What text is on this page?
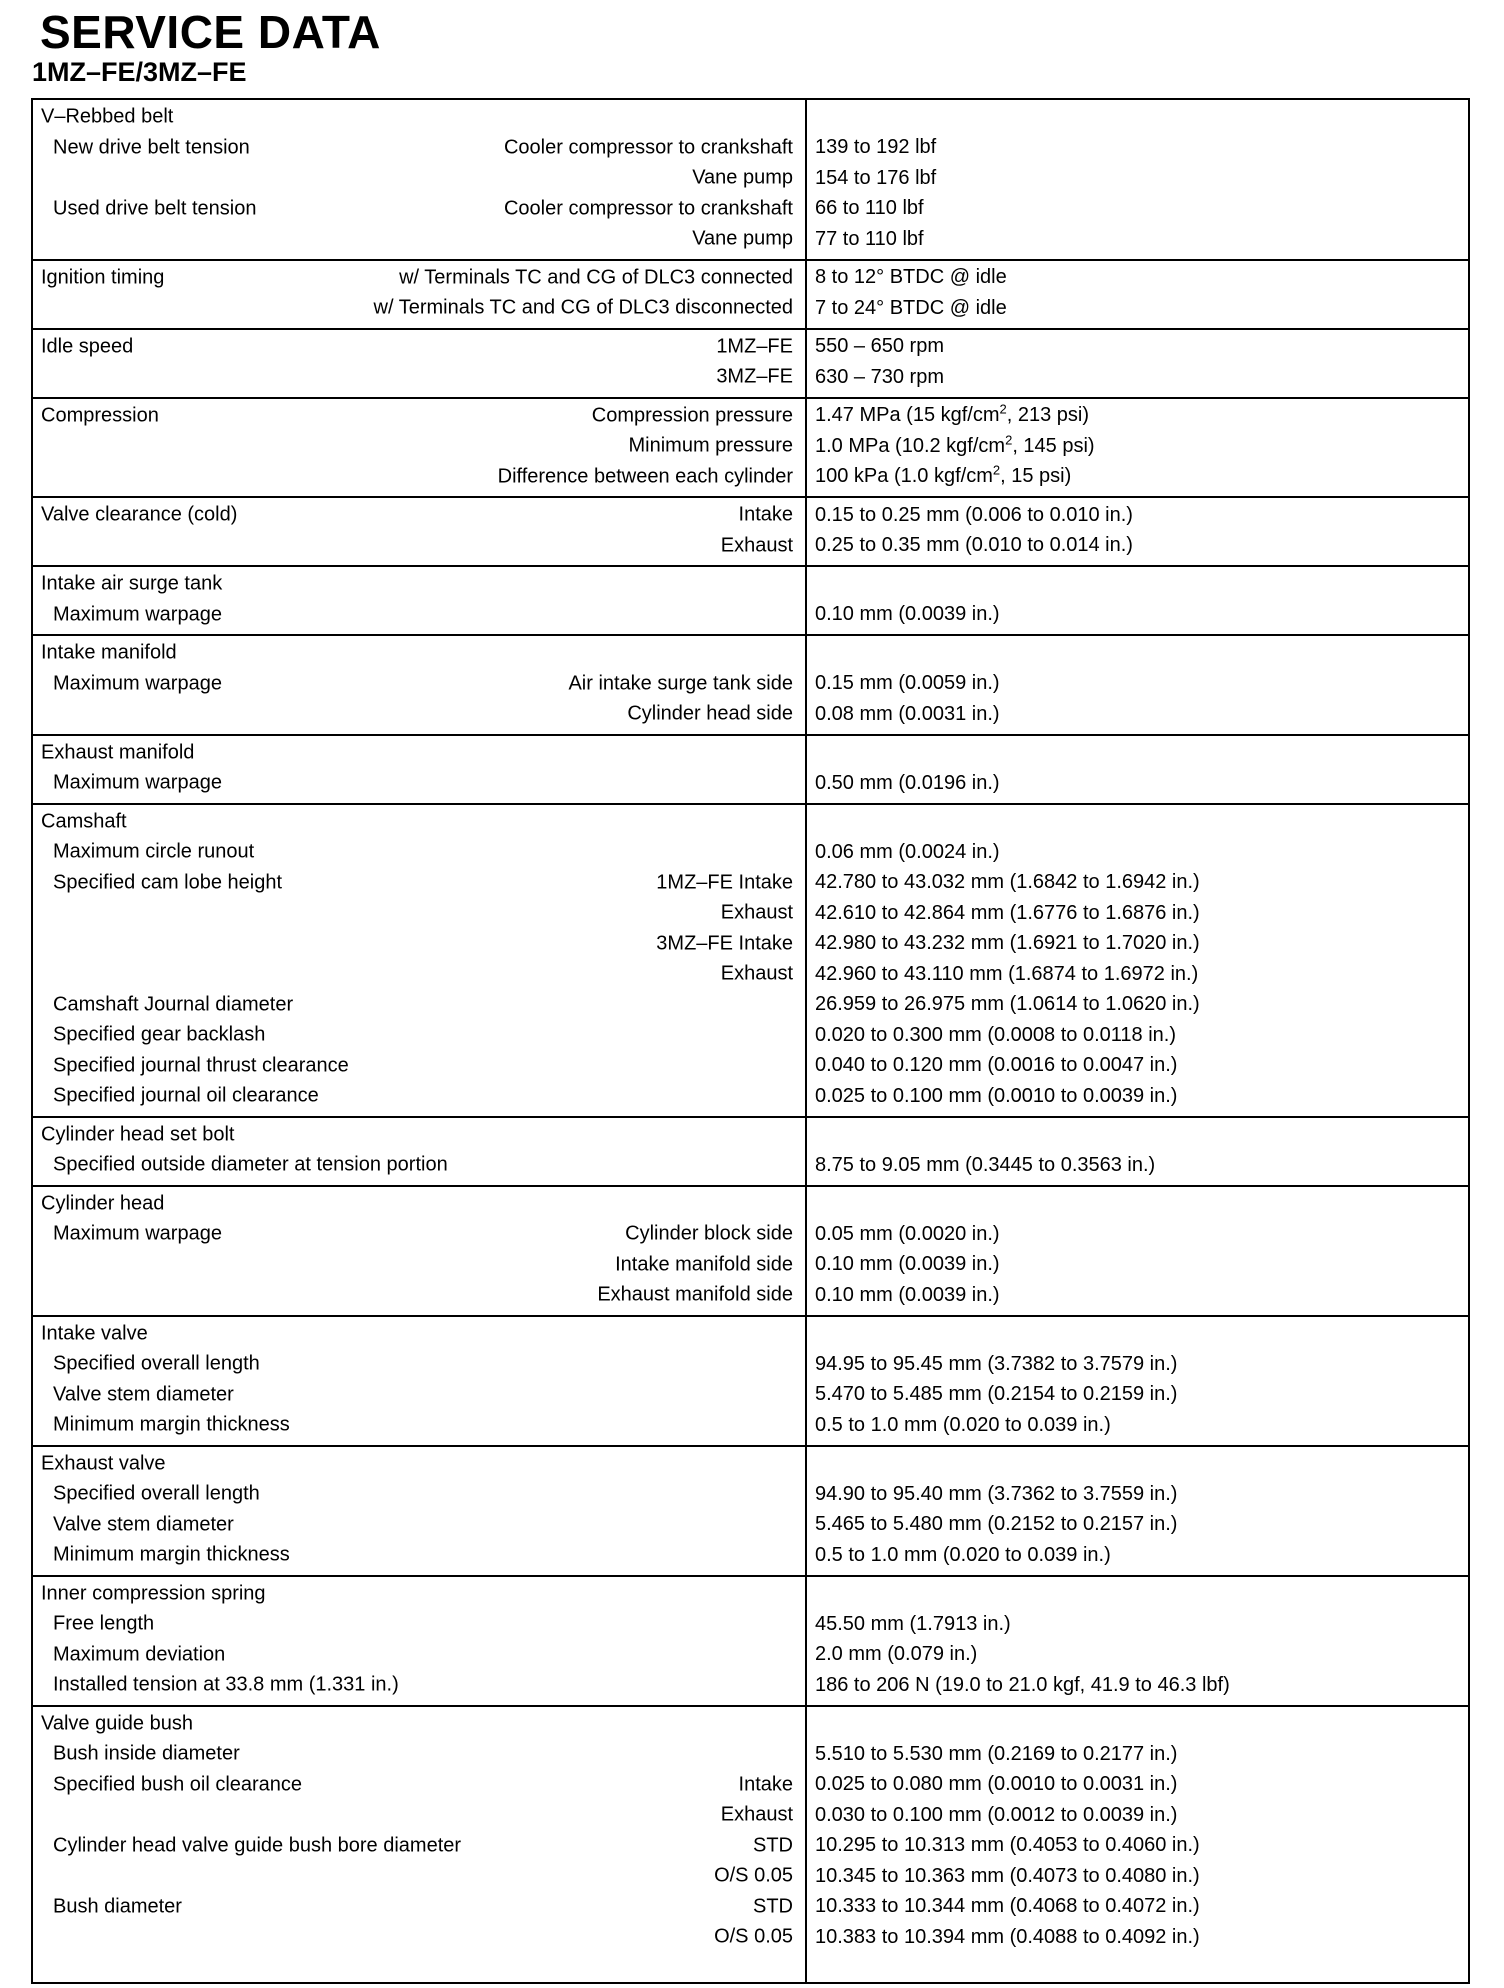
SERVICE DATA
1MZ–FE/3MZ–FE
V–Rebbed belt
New drive belt tension	Cooler compressor to crankshaft	139 to 192 lbf
Vane pump	154 to 176 lbf
Used drive belt tension	Cooler compressor to crankshaft	66 to 110 lbf
Vane pump	77 to 110 lbf
Ignition timing	w/ Terminals TC and CG of DLC3 connected	8 to 12° BTDC @ idle
w/ Terminals TC and CG of DLC3 disconnected	7 to 24° BTDC @ idle
Idle speed	1MZ–FE	550 – 650 rpm
3MZ–FE	630 – 730 rpm
Compression	Compression pressure	1.47 MPa (15 kgf/$cm^2$, 213 psi)
Minimum pressure	1.0 MPa (10.2 kgf/$cm^2$, 145 psi)
Difference between each cylinder	100 kPa (1.0 kgf/$cm^2$, 15 psi)
Valve clearance (cold)	Intake	0.15 to 0.25 mm (0.006 to 0.010 in.)
Exhaust	0.25 to 0.35 mm (0.010 to 0.014 in.)
Intake air surge tank
Maximum warpage	0.10 mm (0.0039 in.)
Intake manifold
Maximum warpage	Air intake surge tank side	0.15 mm (0.0059 in.)
Cylinder head side	0.08 mm (0.0031 in.)
Exhaust manifold
Maximum warpage	0.50 mm (0.0196 in.)
Camshaft
Maximum circle runout	0.06 mm (0.0024 in.)
Specified cam lobe height	1MZ–FE Intake	42.780 to 43.032 mm (1.6842 to 1.6942 in.)
Exhaust	42.610 to 42.864 mm (1.6776 to 1.6876 in.)
3MZ–FE Intake	42.980 to 43.232 mm (1.6921 to 1.7020 in.)
Exhaust	42.960 to 43.110 mm (1.6874 to 1.6972 in.)
Camshaft Journal diameter	26.959 to 26.975 mm (1.0614 to 1.0620 in.)
Specified gear backlash	0.020 to 0.300 mm (0.0008 to 0.0118 in.)
Specified journal thrust clearance	0.040 to 0.120 mm (0.0016 to 0.0047 in.)
Specified journal oil clearance	0.025 to 0.100 mm (0.0010 to 0.0039 in.)
Cylinder head set bolt
Specified outside diameter at tension portion	8.75 to 9.05 mm (0.3445 to 0.3563 in.)
Cylinder head
Maximum warpage	Cylinder block side	0.05 mm (0.0020 in.)
Intake manifold side	0.10 mm (0.0039 in.)
Exhaust manifold side	0.10 mm (0.0039 in.)
Intake valve
Specified overall length	94.95 to 95.45 mm (3.7382 to 3.7579 in.)
Valve stem diameter	5.470 to 5.485 mm (0.2154 to 0.2159 in.)
Minimum margin thickness	0.5 to 1.0 mm (0.020 to 0.039 in.)
Exhaust valve
Specified overall length	94.90 to 95.40 mm (3.7362 to 3.7559 in.)
Valve stem diameter	5.465 to 5.480 mm (0.2152 to 0.2157 in.)
Minimum margin thickness	0.5 to 1.0 mm (0.020 to 0.039 in.)
Inner compression spring
Free length	45.50 mm (1.7913 in.)
Maximum deviation	2.0 mm (0.079 in.)
Installed tension at 33.8 mm (1.331 in.)	186 to 206 N (19.0 to 21.0 kgf, 41.9 to 46.3 lbf)
Valve guide bush
Bush inside diameter	5.510 to 5.530 mm (0.2169 to 0.2177 in.)
Specified bush oil clearance	Intake	0.025 to 0.080 mm (0.0010 to 0.0031 in.)
Exhaust	0.030 to 0.100 mm (0.0012 to 0.0039 in.)
Cylinder head valve guide bush bore diameter	STD	10.295 to 10.313 mm (0.4053 to 0.4060 in.)
O/S 0.05	10.345 to 10.363 mm (0.4073 to 0.4080 in.)
Bush diameter	STD	10.333 to 10.344 mm (0.4068 to 0.4072 in.)
O/S 0.05	10.383 to 10.394 mm (0.4088 to 0.4092 in.)
